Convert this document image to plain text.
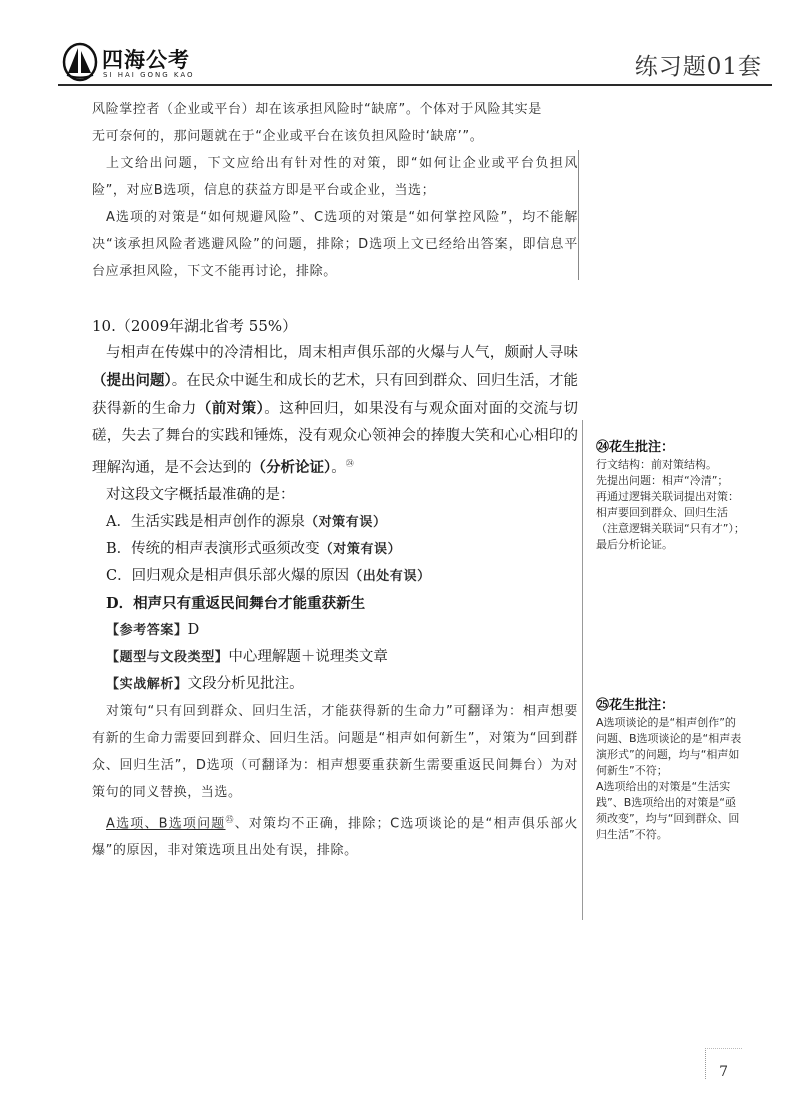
四海公考
SI HAI GONG KAO	练习题01套

风险掌控者（企业或平台）却在该承担风险时“缺席”。个体对于风险其实是

无可奈何的，那问题就在于“企业或平台在该负担风险时‘缺席’”。

上文给出问题，下文应给出有针对性的对策，即“如何让企业或平台负担风险”，对应B选项，信息的获益方即是平台或企业，当选；

A选项的对策是“如何规避风险”、C选项的对策是“如何掌控风险”，均不能解决“该承担风险者逃避风险”的问题，排除；D选项上文已经给出答案，即信息平台应承担风险，下文不能再讨论，排除。

10.（2009年湖北省考 55%）

与相声在传媒中的冷清相比，周末相声俱乐部的火爆与人气，颇耐人寻味（提出问题）。在民众中诞生和成长的艺术，只有回到群众、回归生活，才能获得新的生命力（前对策）。这种回归，如果没有与观众面对面的交流与切磋，失去了舞台的实践和锤炼，没有观众心领神会的捧腹大笑和心心相印的理解沟通，是不会达到的（分析论证）。$^㉔$

对这段文字概括最准确的是：

A．生活实践是相声创作的源泉（对策有误）

B．传统的相声表演形式亟须改变（对策有误）

C．回归观众是相声俱乐部火爆的原因（出处有误）

D．相声只有重返民间舞台才能重获新生

【参考答案】D

【题型与文段类型】中心理解题＋说理类文章

【实战解析】文段分析见批注。

对策句“只有回到群众、回归生活，才能获得新的生命力”可翻译为：相声想要有新的生命力需要回到群众、回归生活。问题是“相声如何新生”，对策为“回到群众、回归生活”，D选项（可翻译为：相声想要重获新生需要重返民间舞台）为对策句的同义替换，当选。

A选项、B选项问题$^㉕$、对策均不正确，排除；C选项谈论的是“相声俱乐部火爆”的原因，非对策选项且出处有误，排除。

㉔花生批注：

行文结构：前对策结构。

先提出问题：相声“冷清”；

再通过逻辑关联词提出对策：相声要回到群众、回归生活（注意逻辑关联词“只有才”）；

最后分析论证。

㉕花生批注：

A选项谈论的是“相声创作”的问题、B选项谈论的是“相声表演形式”的问题，均与“相声如何新生”不符；

A选项给出的对策是“生活实践”、B选项给出的对策是“亟须改变”，均与“回到群众、回归生活”不符。

7
